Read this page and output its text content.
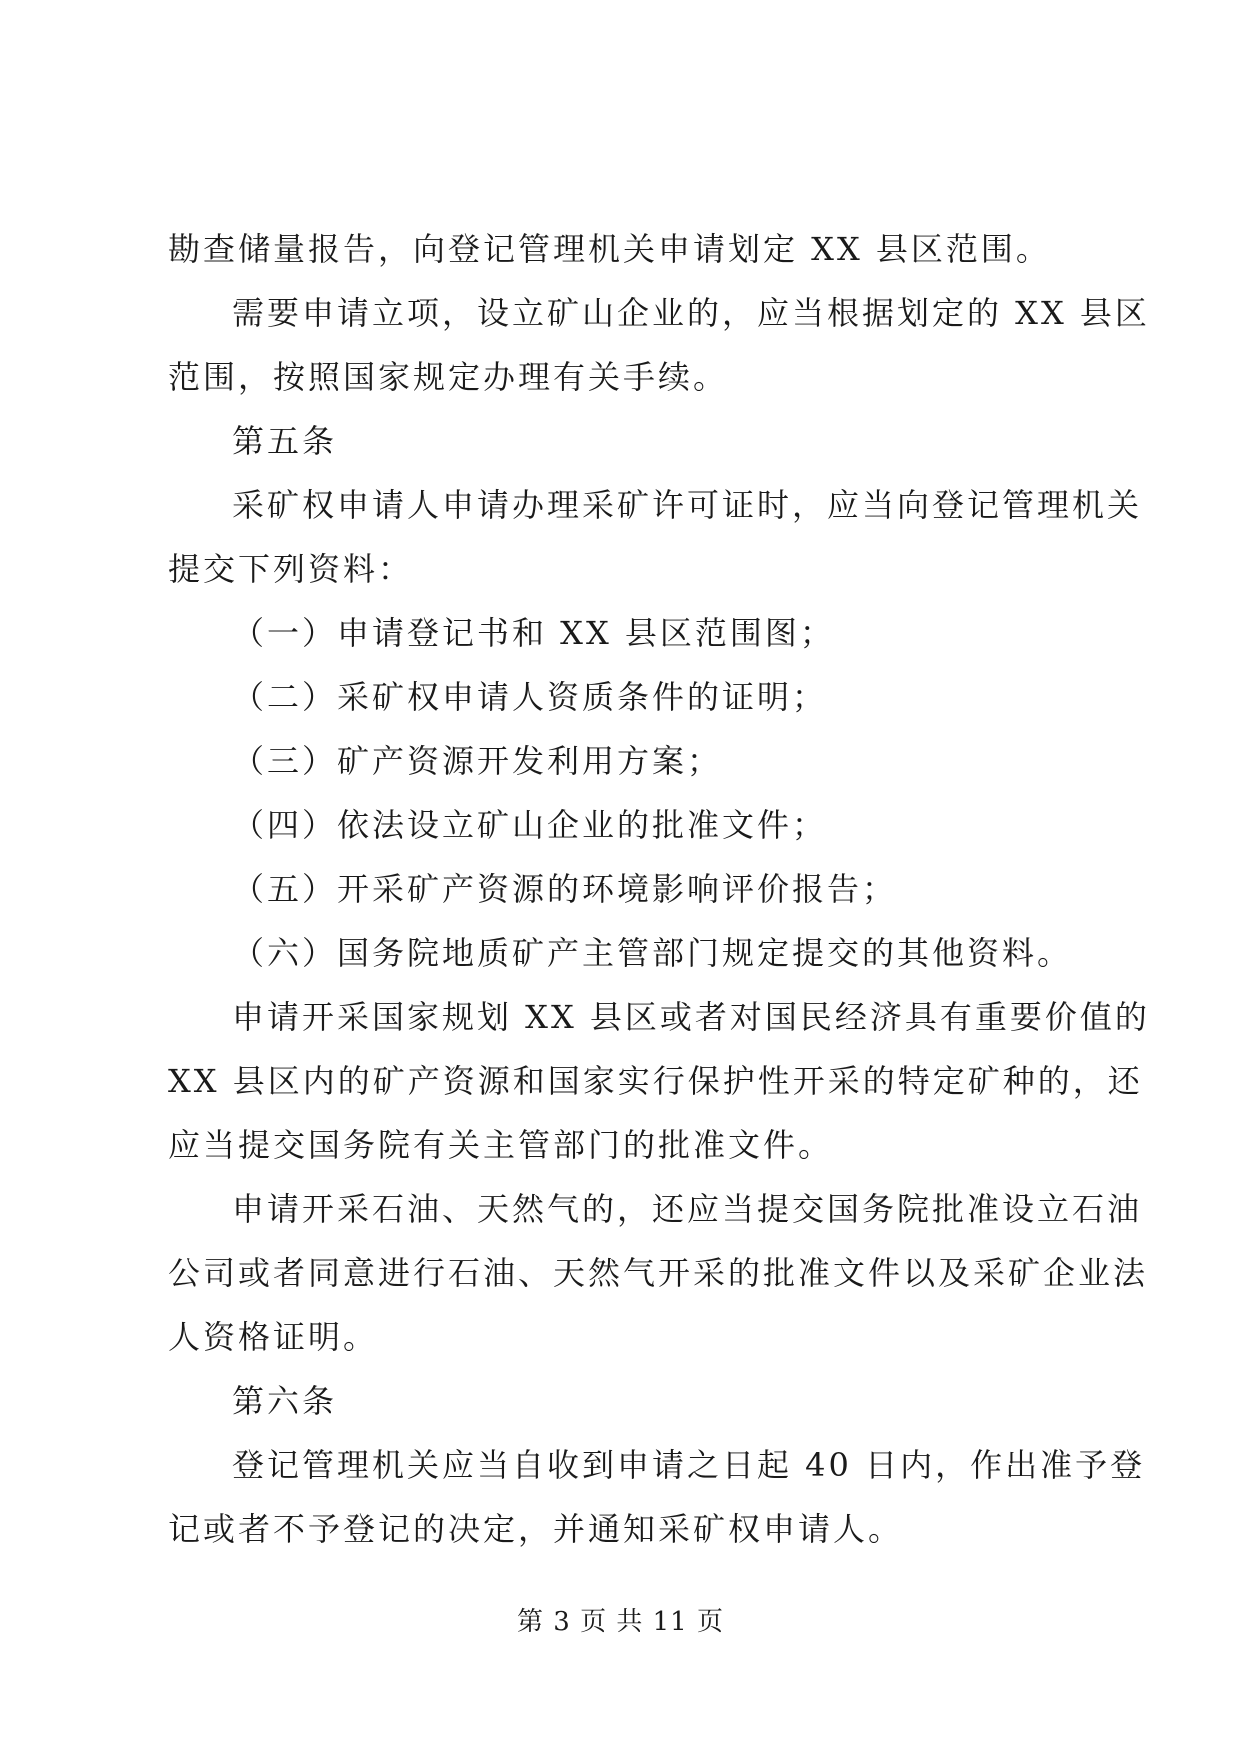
勘查储量报告，向登记管理机关申请划定 XX 县区范围。
需要申请立项，设立矿山企业的，应当根据划定的 XX 县区
范围，按照国家规定办理有关手续。
第五条
采矿权申请人申请办理采矿许可证时，应当向登记管理机关
提交下列资料：
（一）申请登记书和 XX 县区范围图；
（二）采矿权申请人资质条件的证明；
（三）矿产资源开发利用方案；
（四）依法设立矿山企业的批准文件；
（五）开采矿产资源的环境影响评价报告；
（六）国务院地质矿产主管部门规定提交的其他资料。
申请开采国家规划 XX 县区或者对国民经济具有重要价值的
XX 县区内的矿产资源和国家实行保护性开采的特定矿种的，还
应当提交国务院有关主管部门的批准文件。
申请开采石油、天然气的，还应当提交国务院批准设立石油
公司或者同意进行石油、天然气开采的批准文件以及采矿企业法
人资格证明。
第六条
登记管理机关应当自收到申请之日起 40 日内，作出准予登
记或者不予登记的决定，并通知采矿权申请人。
第 3 页 共 11 页
